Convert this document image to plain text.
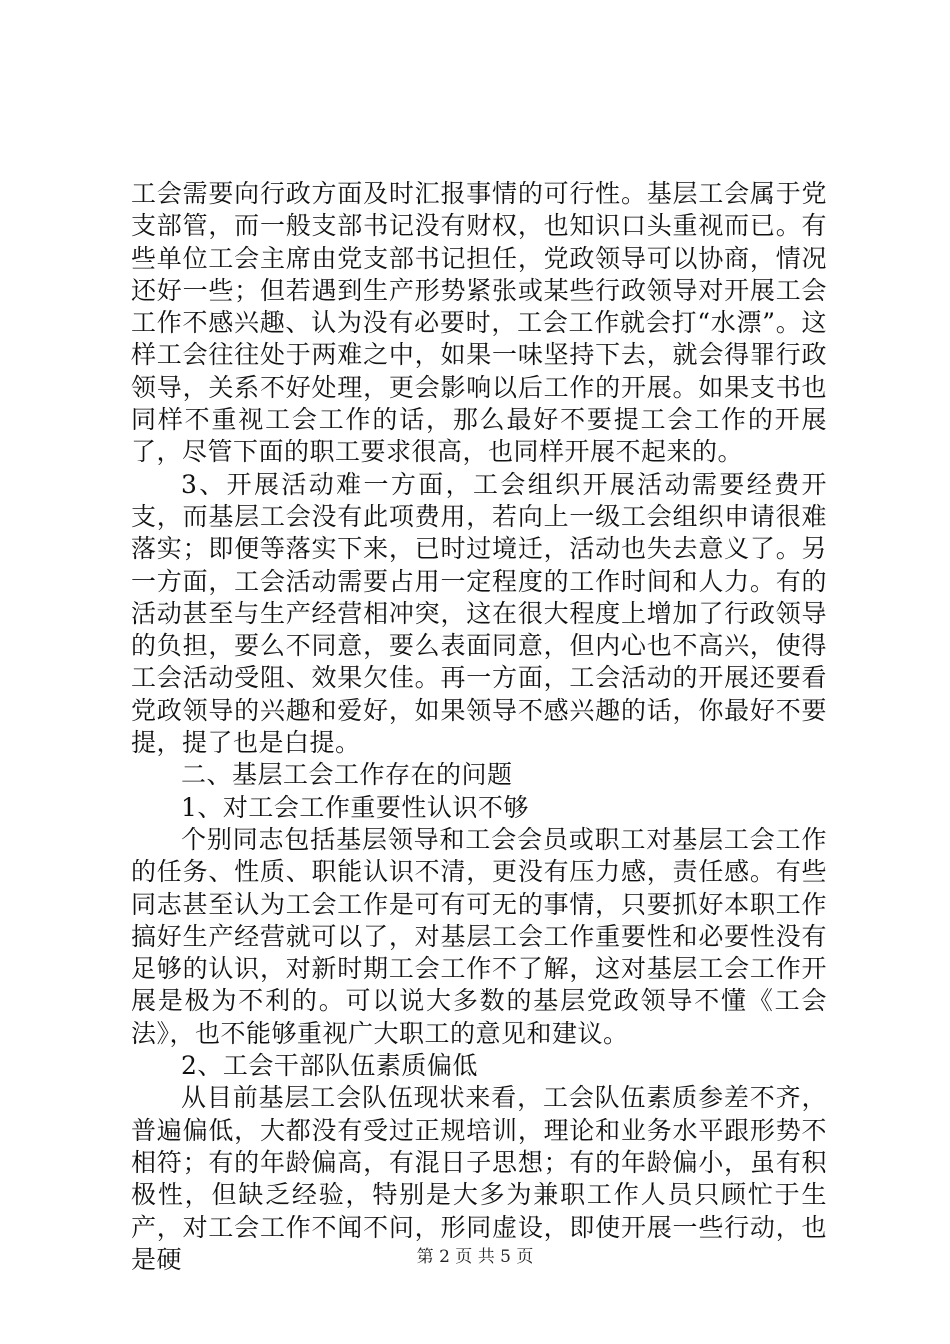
工会需要向行政方面及时汇报事情的可行性。基层工会属于党支部管，而一般支部书记没有财权，也知识口头重视而已。有些单位工会主席由党支部书记担任，党政领导可以协商，情况还好一些；但若遇到生产形势紧张或某些行政领导对开展工会工作不感兴趣、认为没有必要时，工会工作就会打“水漂”。这样工会往往处于两难之中，如果一味坚持下去，就会得罪行政领导，关系不好处理，更会影响以后工作的开展。如果支书也同样不重视工会工作的话，那么最好不要提工会工作的开展了，尽管下面的职工要求很高，也同样开展不起来的。

3、开展活动难一方面，工会组织开展活动需要经费开支，而基层工会没有此项费用，若向上一级工会组织申请很难落实；即便等落实下来，已时过境迁，活动也失去意义了。另一方面，工会活动需要占用一定程度的工作时间和人力。有的活动甚至与生产经营相冲突，这在很大程度上增加了行政领导的负担，要么不同意，要么表面同意，但内心也不高兴，使得工会活动受阻、效果欠佳。再一方面，工会活动的开展还要看党政领导的兴趣和爱好，如果领导不感兴趣的话，你最好不要提，提了也是白提。

二、基层工会工作存在的问题

1、对工会工作重要性认识不够

个别同志包括基层领导和工会会员或职工对基层工会工作的任务、性质、职能认识不清，更没有压力感，责任感。有些同志甚至认为工会工作是可有可无的事情，只要抓好本职工作搞好生产经营就可以了，对基层工会工作重要性和必要性没有足够的认识，对新时期工会工作不了解，这对基层工会工作开展是极为不利的。可以说大多数的基层党政领导不懂《工会法》，也不能够重视广大职工的意见和建议。

2、工会干部队伍素质偏低

从目前基层工会队伍现状来看，工会队伍素质参差不齐，普遍偏低，大都没有受过正规培训，理论和业务水平跟形势不相符；有的年龄偏高，有混日子思想；有的年龄偏小，虽有积极性，但缺乏经验，特别是大多为兼职工作人员只顾忙于生产，对工会工作不闻不问，形同虚设，即使开展一些行动，也是硬	第 2 页 共 5 页
